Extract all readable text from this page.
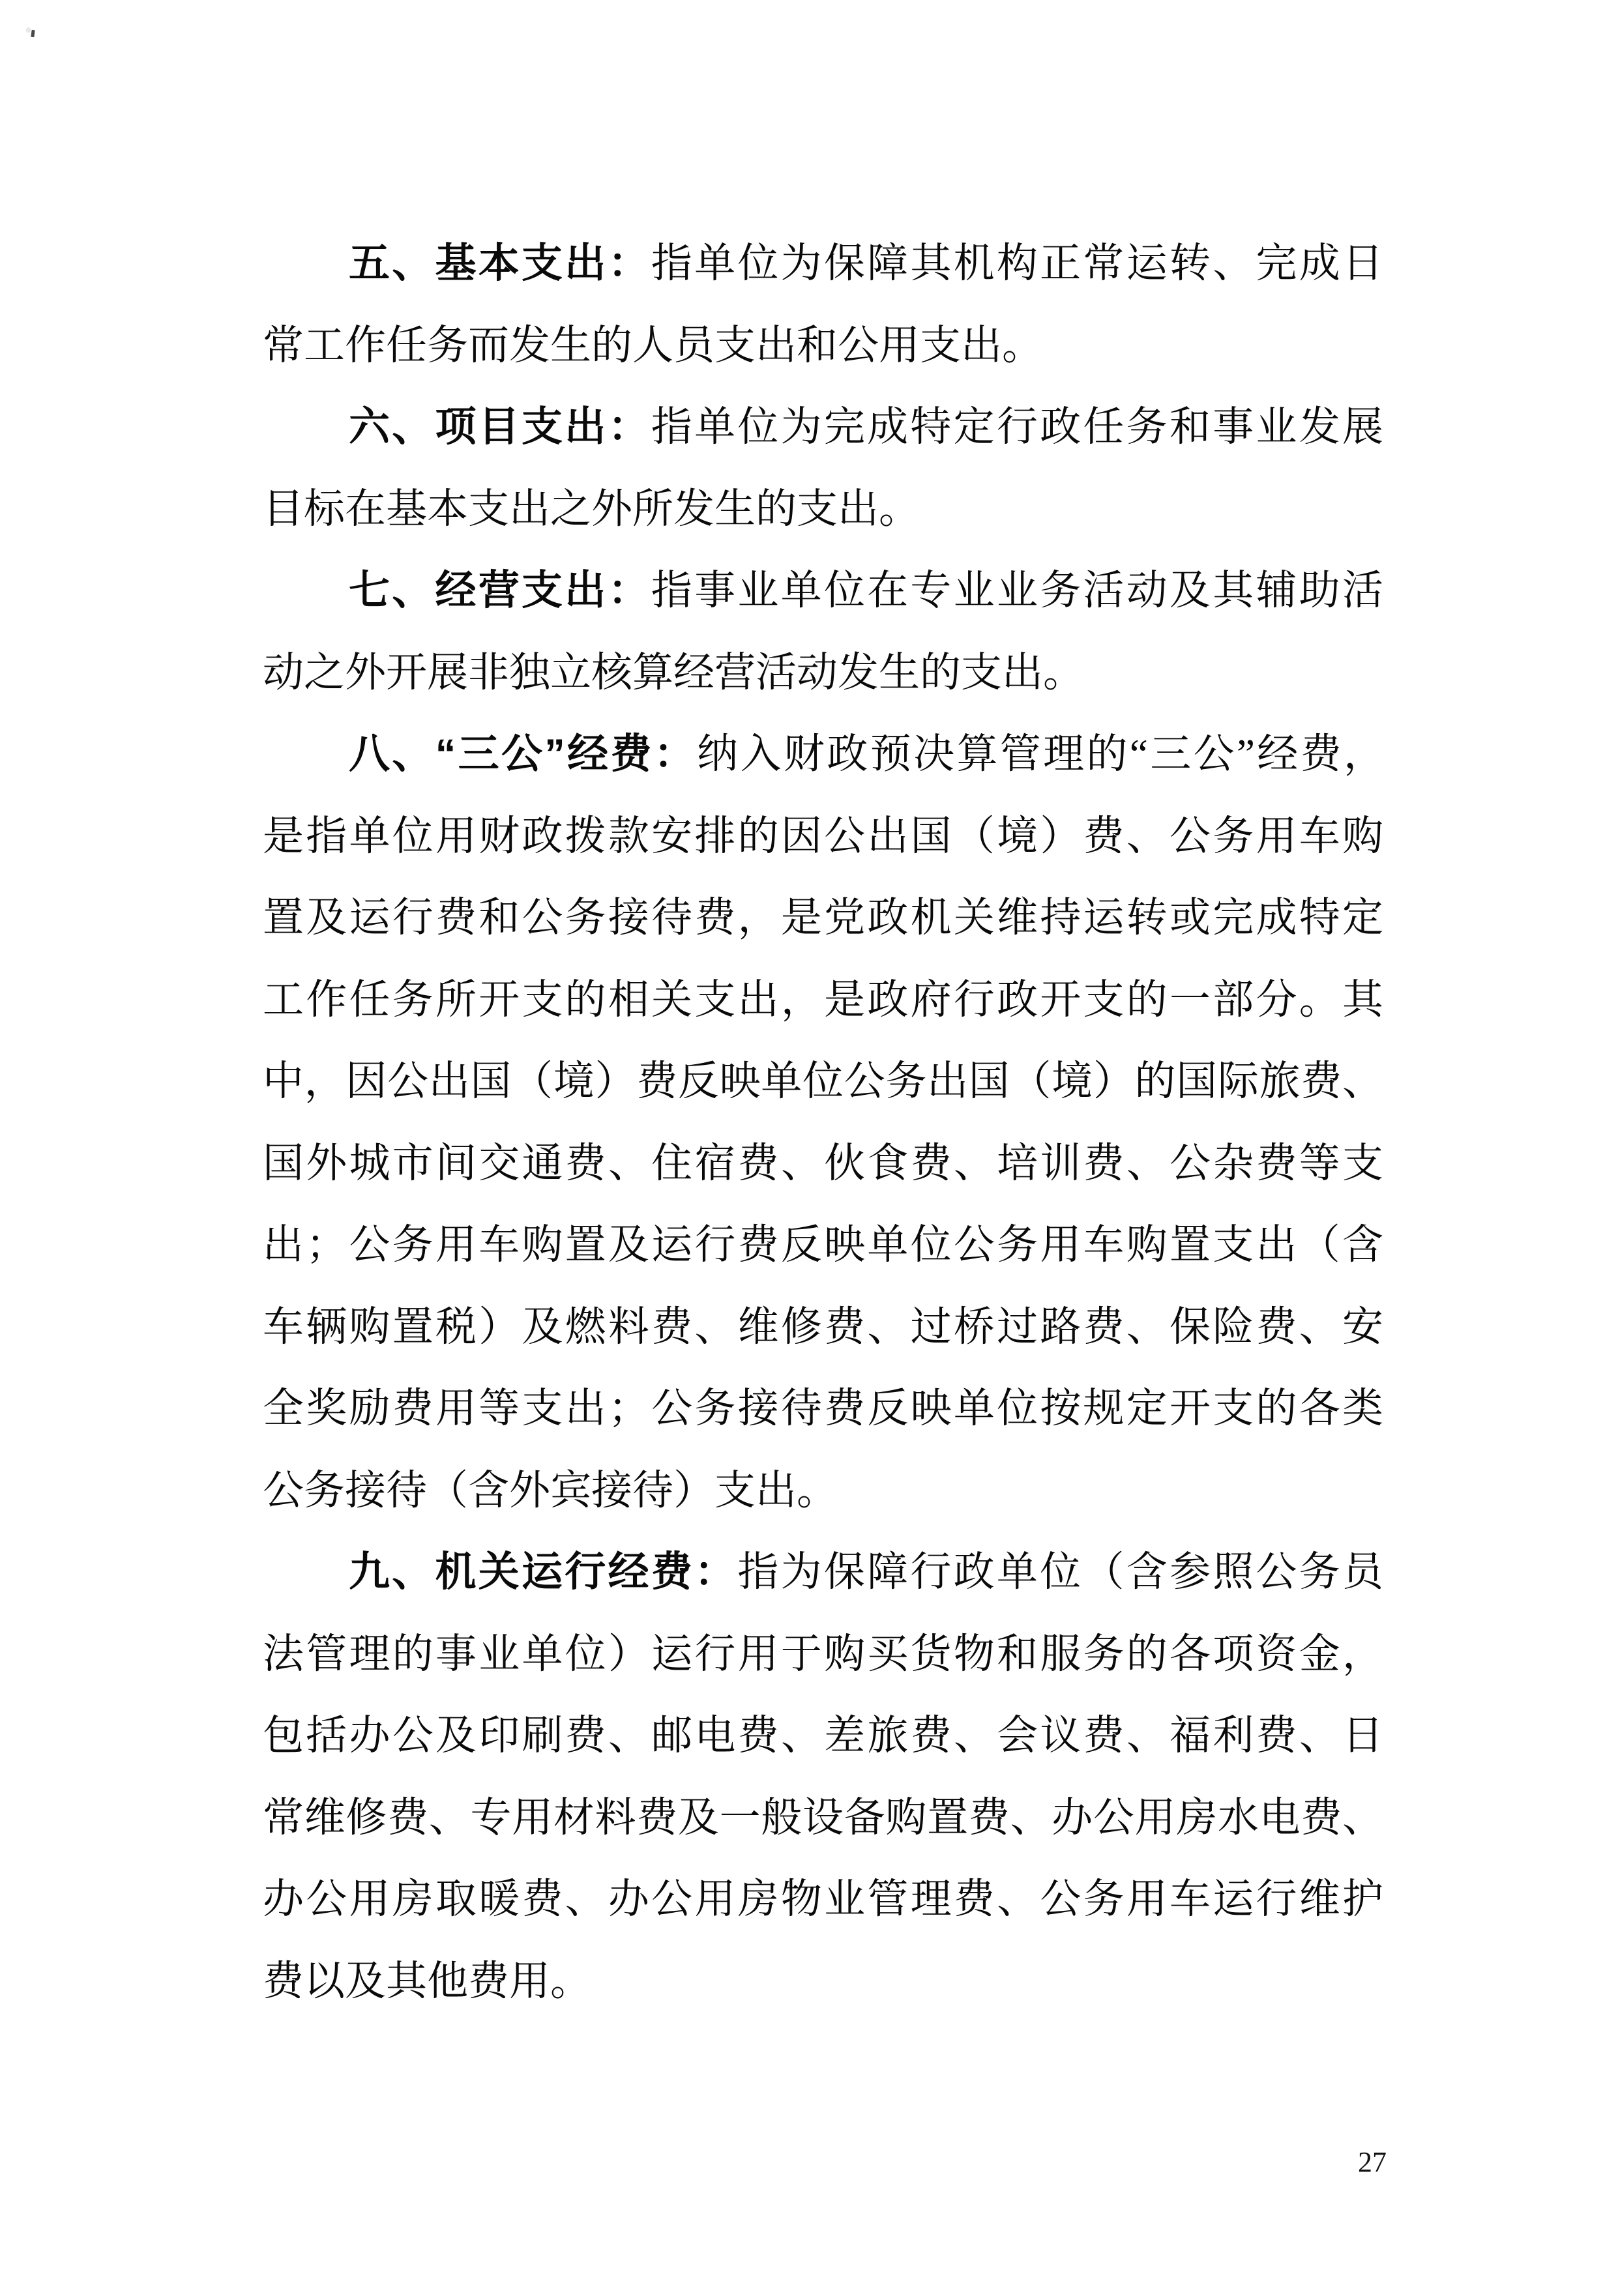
五、基本支出：指单位为保障其机构正常运转、完成日
常工作任务而发生的人员支出和公用支出。
六、项目支出：指单位为完成特定行政任务和事业发展
目标在基本支出之外所发生的支出。
七、经营支出：指事业单位在专业业务活动及其辅助活
动之外开展非独立核算经营活动发生的支出。
八、“三公”经费：纳入财政预决算管理的“三公”经费，
是指单位用财政拨款安排的因公出国（境）费、公务用车购
置及运行费和公务接待费，是党政机关维持运转或完成特定
工作任务所开支的相关支出，是政府行政开支的一部分。其
中，因公出国（境）费反映单位公务出国（境）的国际旅费、
国外城市间交通费、住宿费、伙食费、培训费、公杂费等支
出；公务用车购置及运行费反映单位公务用车购置支出（含
车辆购置税）及燃料费、维修费、过桥过路费、保险费、安
全奖励费用等支出；公务接待费反映单位按规定开支的各类
公务接待（含外宾接待）支出。
九、机关运行经费：指为保障行政单位（含参照公务员
法管理的事业单位）运行用于购买货物和服务的各项资金，
包括办公及印刷费、邮电费、差旅费、会议费、福利费、日
常维修费、专用材料费及一般设备购置费、办公用房水电费、
办公用房取暖费、办公用房物业管理费、公务用车运行维护
费以及其他费用。
27
